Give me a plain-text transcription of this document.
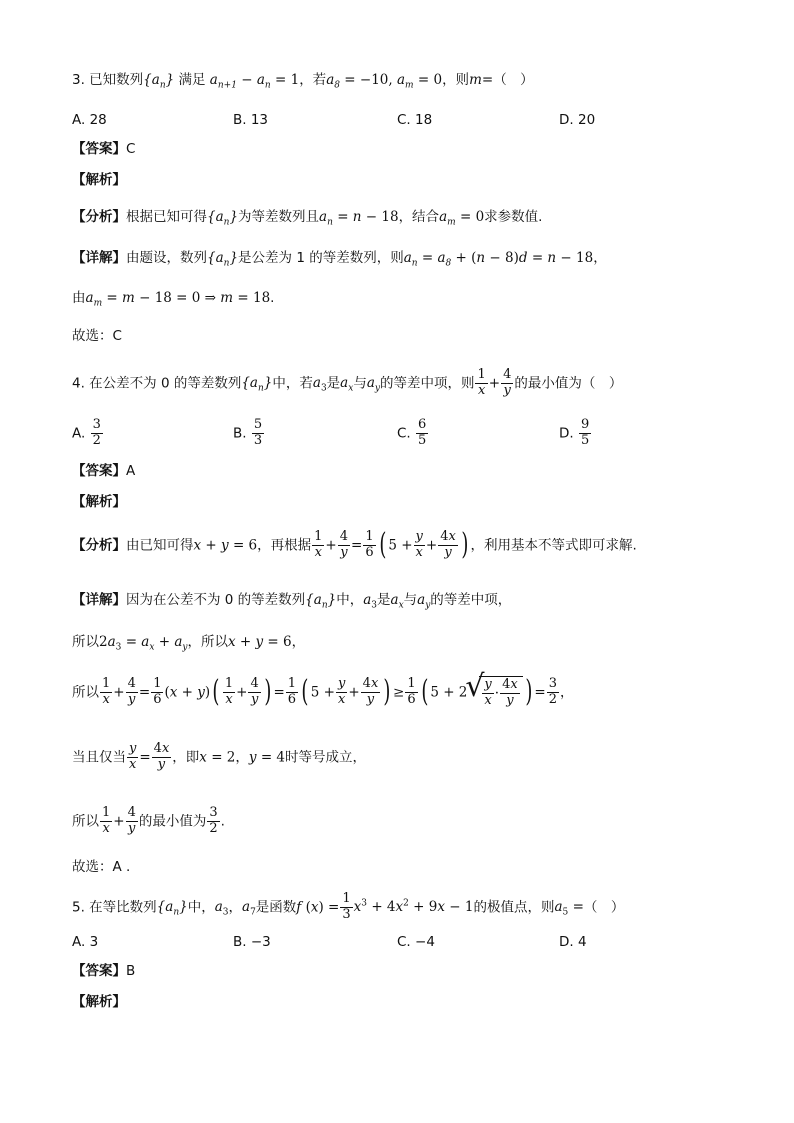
3. 已知数列$\{a_n\}$ 满足 $a_{n+1} - a_n = 1$，若$a_8 = -10$, $a_m = 0$，则m=（　）
A. 28	B. 13	C. 18	D. 20
【答案】C
【解析】
【分析】根据已知可得$\{a_n\}$为等差数列且$a_n = n - 18$，结合$a_m = 0$求参数值.
【详解】由题设，数列$\{a_n\}$是公差为 1 的等差数列，则$a_n = a_8 + (n - 8)d = n - 18$，
由$a_m = m - 18 = 0$ ⇒ m = 18.
故选：C
4. 在公差不为 0 的等差数列$\{a_n\}$中，若$a_3$是$a_x$与$a_y$的等差中项，则 $\frac{1}{x} + \frac{4}{y}$ 的最小值为（　）
A. $\frac{3}{2}$	B. $\frac{5}{3}$	C. $\frac{6}{5}$	D. $\frac{9}{5}$
【答案】A
【解析】
【分析】由已知可得x + y = 6，再根据 $\frac{1}{x} + \frac{4}{y} = \frac{1}{6}$ ( $5 + \frac{y}{x} + \frac{4x}{y}$ ) ，利用基本不等式即可求解.
【详解】因为在公差不为 0 的等差数列$\{a_n\}$中，$a_3$是$a_x$与$a_y$的等差中项，
所以$2a_3 = a_x + a_y$，所以x + y = 6，
所以 $\frac{1}{x} + \frac{4}{y} = \frac{1}{6} (x + y)( \frac{1}{x} + \frac{4}{y}$ ) = $\frac{1}{6}$ ( $5 + \frac{y}{x} + \frac{4x}{y}$ ) ≥ $\frac{1}{6}$ ( 5 + 2
√ $\frac{y}{x} \cdot \frac{4x}{y}$ ) = $\frac{3}{2}$ ，
当且仅当 $\frac{y}{x} = \frac{4x}{y}$ ，即x = 2，y = 4时等号成立，
所以 $\frac{1}{x} + \frac{4}{y}$ 的最小值为 $\frac{3}{2}$ .
故选：A .
5. 在等比数列$\{a_n\}$中，$a_3$，$a_7$是函数f $(x) = \frac{1}{3} x^3 + 4x^2 + 9x - 1$的极值点，则$a_5$ =（　）
A. 3	B. −3	C. −4	D. 4
【答案】B
【解析】
